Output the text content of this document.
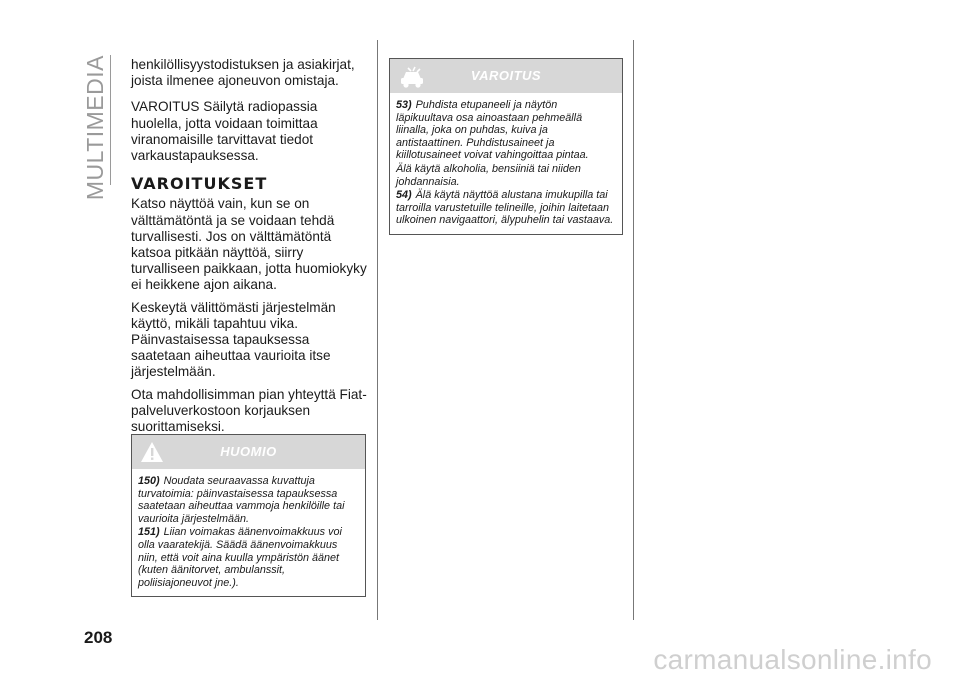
MULTIMEDIA henkilöllisyystodistuksen ja asiakirjat, joista ilmenee ajoneuvon omistaja.

VAROITUS Säilytä radiopassia huolella, jotta voidaan toimittaa viranomaisille tarvittavat tiedot varkaustapauksessa.

VAROITUKSET

Katso näyttöä vain, kun se on välttämätöntä ja se voidaan tehdä turvallisesti. Jos on välttämätöntä katsoa pitkään näyttöä, siirry turvalliseen paikkaan, jotta huomiokyky ei heikkene ajon aikana.

Keskeytä välittömästi järjestelmän käyttö, mikäli tapahtuu vika. Päinvastaisessa tapauksessa saatetaan aiheuttaa vaurioita itse järjestelmään.

Ota mahdollisimman pian yhteyttä Fiat-palveluverkostoon korjauksen suorittamiseksi.

HUOMIO
150) Noudata seuraavassa kuvattuja turvatoimia: päinvastaisessa tapauksessa saatetaan aiheuttaa vammoja henkilöille tai vaurioita järjestelmään.
151) Liian voimakas äänenvoimakkuus voi olla vaaratekijä. Säädä äänenvoimakkuus niin, että voit aina kuulla ympäristön äänet (kuten äänitorvet, ambulanssit, poliisiajoneuvot jne.).
VAROITUS
53) Puhdista etupaneeli ja näytön läpikuultava osa ainoastaan pehmeällä liinalla, joka on puhdas, kuiva ja antistaattinen. Puhdistusaineet ja kiillotusaineet voivat vahingoittaa pintaa.
Älä käytä alkoholia, bensiiniä tai niiden johdannaisia.
54) Älä käytä näyttöä alustana imukupilla tai tarroilla varustetuille telineille, joihin laitetaan ulkoinen navigaattori, älypuhelin tai vastaava.
208
carmanualsonline.info
